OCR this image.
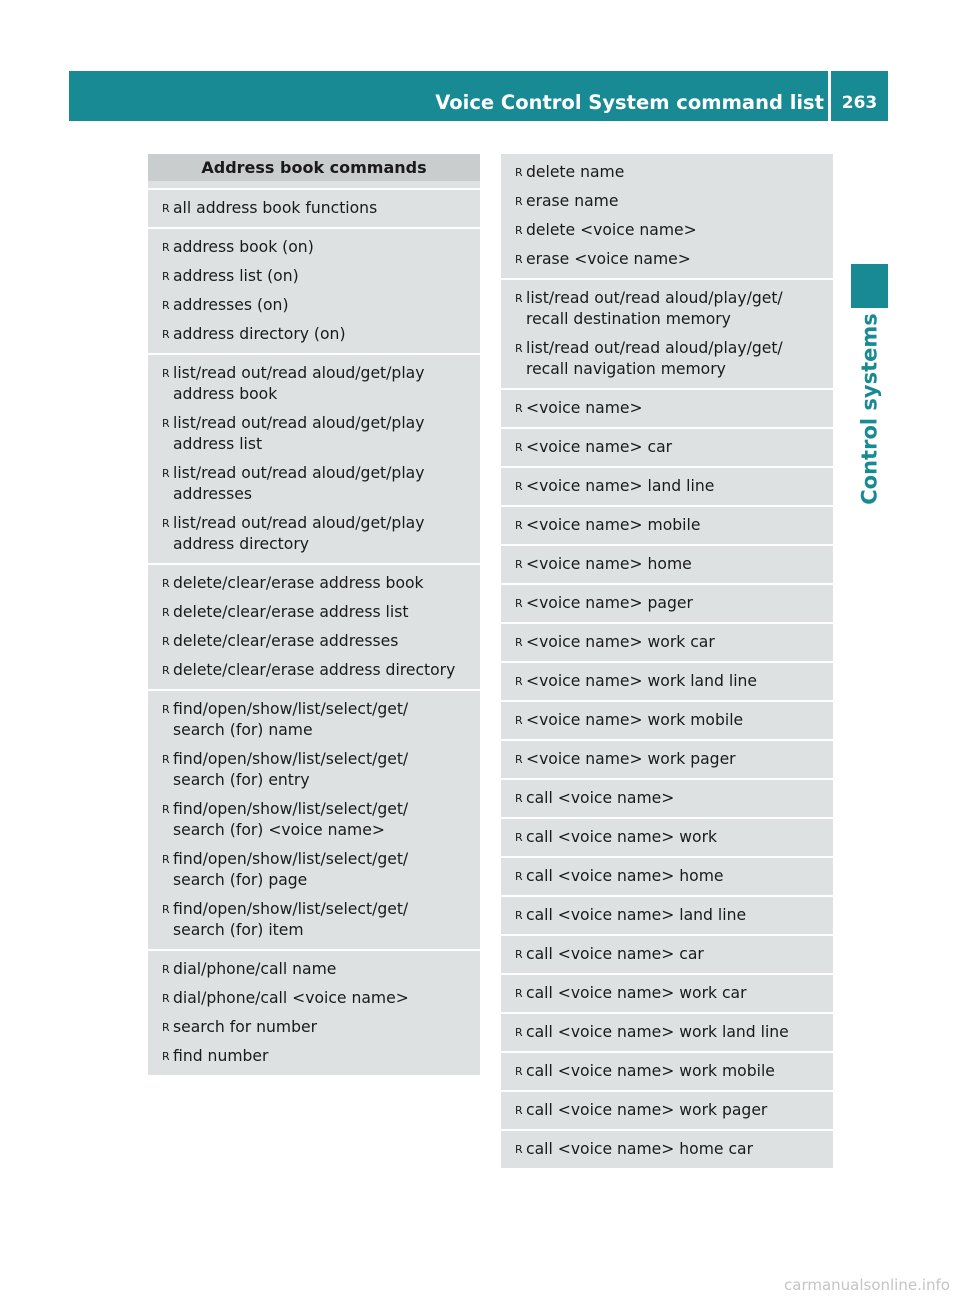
Voice Control System command list	263
Control systems
Address book commands
R all address book functions
R address book (on)
R address list (on)
R addresses (on)
R address directory (on)
R list/read out/read aloud/get/play
address book
R list/read out/read aloud/get/play
address list
R list/read out/read aloud/get/play
addresses
R list/read out/read aloud/get/play
address directory
R delete/clear/erase address book
R delete/clear/erase address list
R delete/clear/erase addresses
R delete/clear/erase address directory
R find/open/show/list/select/get/
search (for) name
R find/open/show/list/select/get/
search (for) entry
R find/open/show/list/select/get/
search (for) <voice name>
R find/open/show/list/select/get/
search (for) page
R find/open/show/list/select/get/
search (for) item
R dial/phone/call name
R dial/phone/call <voice name>
R search for number
R find number
R delete name
R erase name
R delete <voice name>
R erase <voice name>
R list/read out/read aloud/play/get/
recall destination memory
R list/read out/read aloud/play/get/
recall navigation memory
R <voice name>
R <voice name> car
R <voice name> land line
R <voice name> mobile
R <voice name> home
R <voice name> pager
R <voice name> work car
R <voice name> work land line
R <voice name> work mobile
R <voice name> work pager
R call <voice name>
R call <voice name> work
R call <voice name> home
R call <voice name> land line
R call <voice name> car
R call <voice name> work car
R call <voice name> work land line
R call <voice name> work mobile
R call <voice name> work pager
R call <voice name> home car
carmanualsonline.info
